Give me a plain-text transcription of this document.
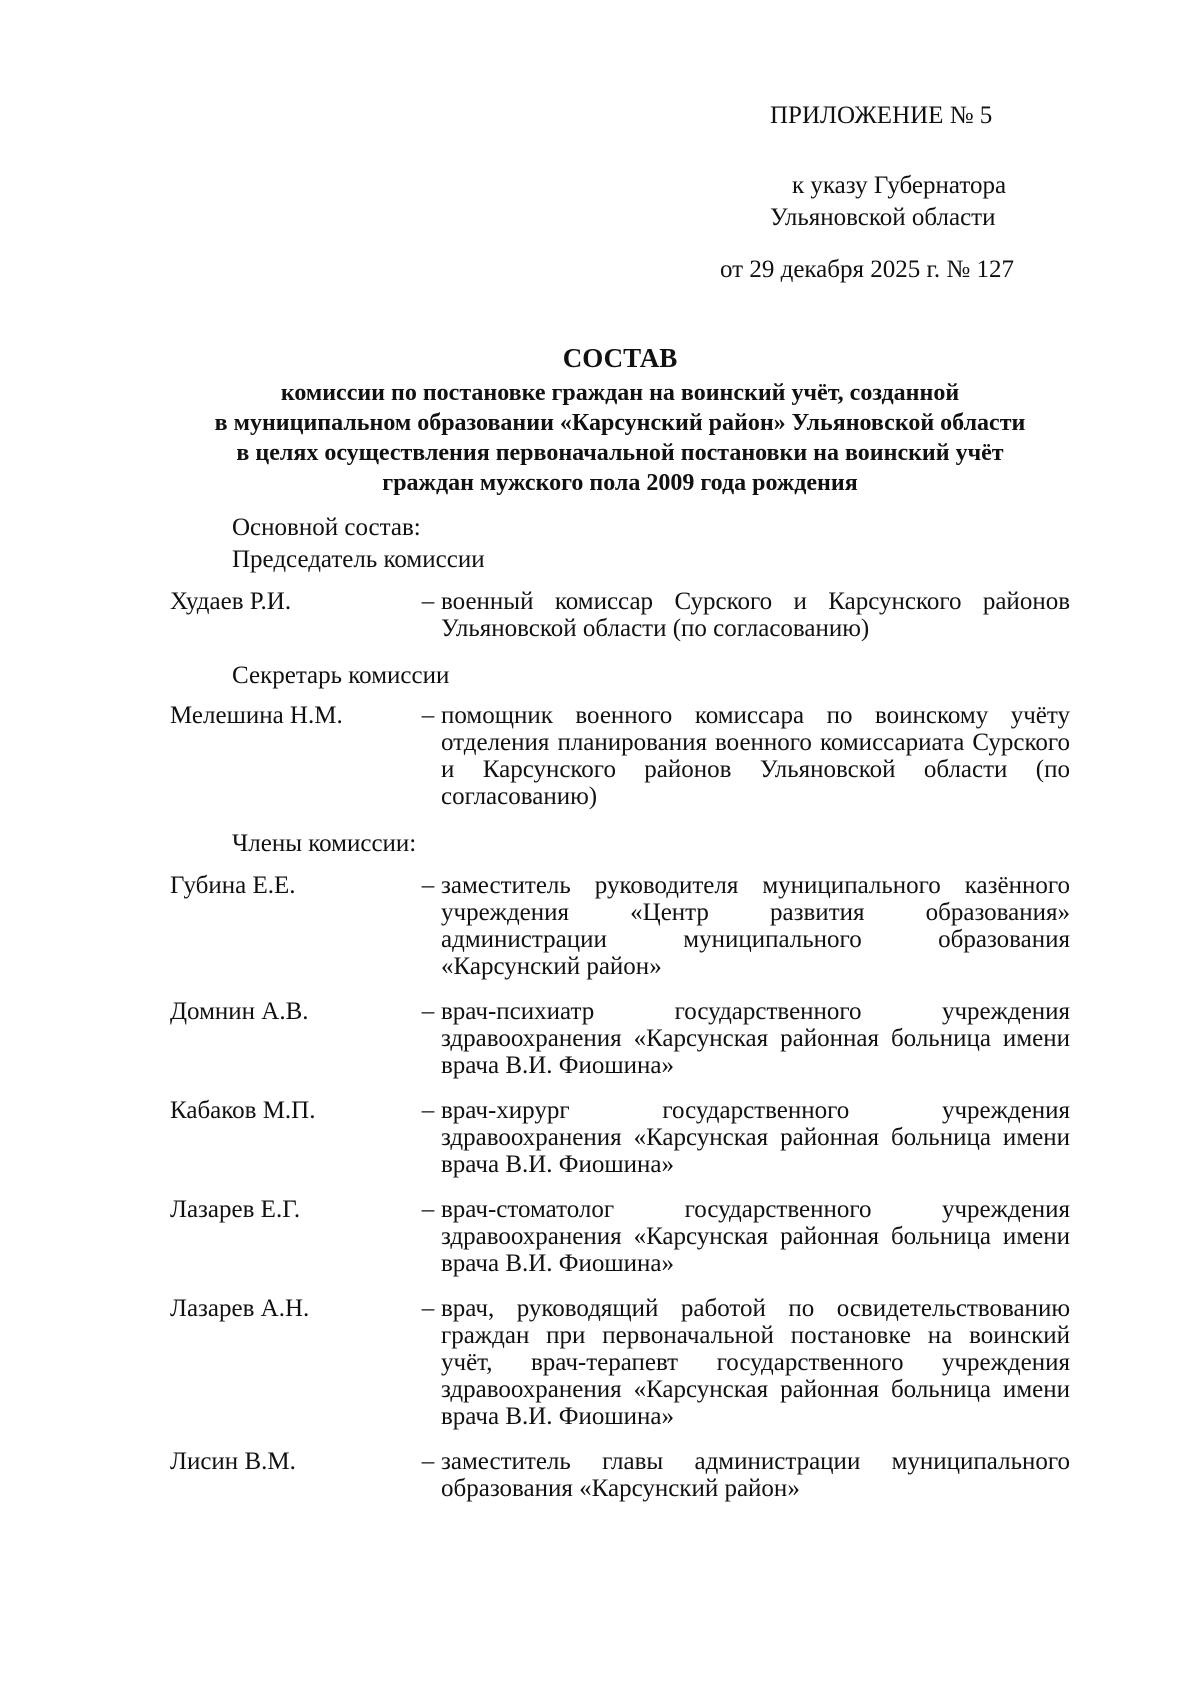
ПРИЛОЖЕНИЕ № 5
к указу Губернатора
Ульяновской области
от 29 декабря 2025 г. № 127
СОСТАВ
комиссии по постановке граждан на воинский учёт, созданной
в муниципальном образовании «Карсунский район» Ульяновской области
в целях осуществления первоначальной постановки на воинский учёт
граждан мужского пола 2009 года рождения
Основной состав:
Председатель комиссии
Худаев Р.И.	– военный комиссар Сурского и Карсунского районов Ульяновской области (по согласованию)
Секретарь комиссии
Мелешина Н.М.	– помощник военного комиссара по воинскому учёту отделения планирования военного комиссариата Сурского и Карсунского районов Ульяновской области (по согласованию)
Члены комиссии:
Губина Е.Е.	– заместитель руководителя муниципального казённого учреждения «Центр развития образования» администрации муниципального образования «Карсунский район»
Домнин А.В.	– врач-психиатр государственного учреждения здравоохранения «Карсунская районная больница имени врача В.И. Фиошина»
Кабаков М.П.	– врач-хирург государственного учреждения здравоохранения «Карсунская районная больница имени врача В.И. Фиошина»
Лазарев Е.Г.	– врач-стоматолог государственного учреждения здравоохранения «Карсунская районная больница имени врача В.И. Фиошина»
Лазарев А.Н.	– врач, руководящий работой по освидетельствованию граждан при первоначальной постановке на воинский учёт, врач-терапевт государственного учреждения здравоохранения «Карсунская районная больница имени врача В.И. Фиошина»
Лисин В.М.	– заместитель главы администрации муниципального образования «Карсунский район»
